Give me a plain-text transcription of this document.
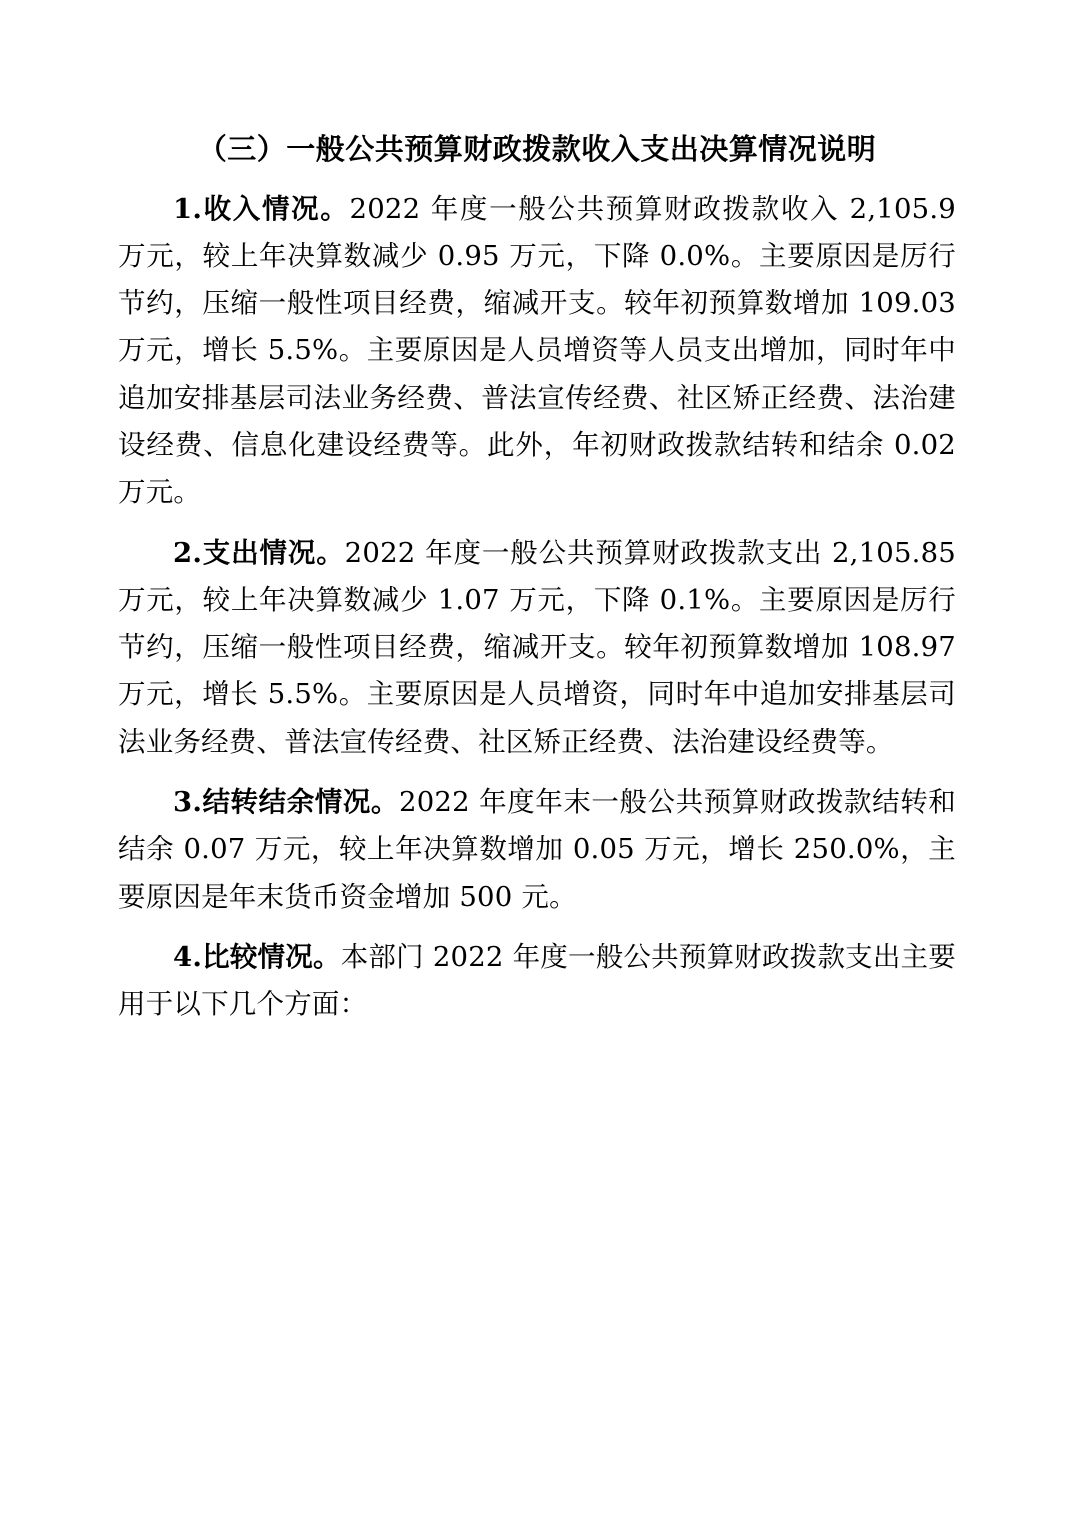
（三）一般公共预算财政拨款收入支出决算情况说明

1.收入情况。2022 年度一般公共预算财政拨款收入 2,105.9 万元，较上年决算数减少 0.95 万元，下降 0.0%。主要原因是厉行节约，压缩一般性项目经费，缩减开支。较年初预算数增加 109.03 万元，增长 5.5%。主要原因是人员增资等人员支出增加，同时年中追加安排基层司法业务经费、普法宣传经费、社区矫正经费、法治建设经费、信息化建设经费等。此外，年初财政拨款结转和结余 0.02 万元。

2.支出情况。2022 年度一般公共预算财政拨款支出 2,105.85 万元，较上年决算数减少 1.07 万元，下降 0.1%。主要原因是厉行节约，压缩一般性项目经费，缩减开支。较年初预算数增加 108.97 万元，增长 5.5%。主要原因是人员增资，同时年中追加安排基层司法业务经费、普法宣传经费、社区矫正经费、法治建设经费等。

3.结转结余情况。2022 年度年末一般公共预算财政拨款结转和结余 0.07 万元，较上年决算数增加 0.05 万元，增长 250.0%，主要原因是年末货币资金增加 500 元。

4.比较情况。本部门 2022 年度一般公共预算财政拨款支出主要用于以下几个方面：
